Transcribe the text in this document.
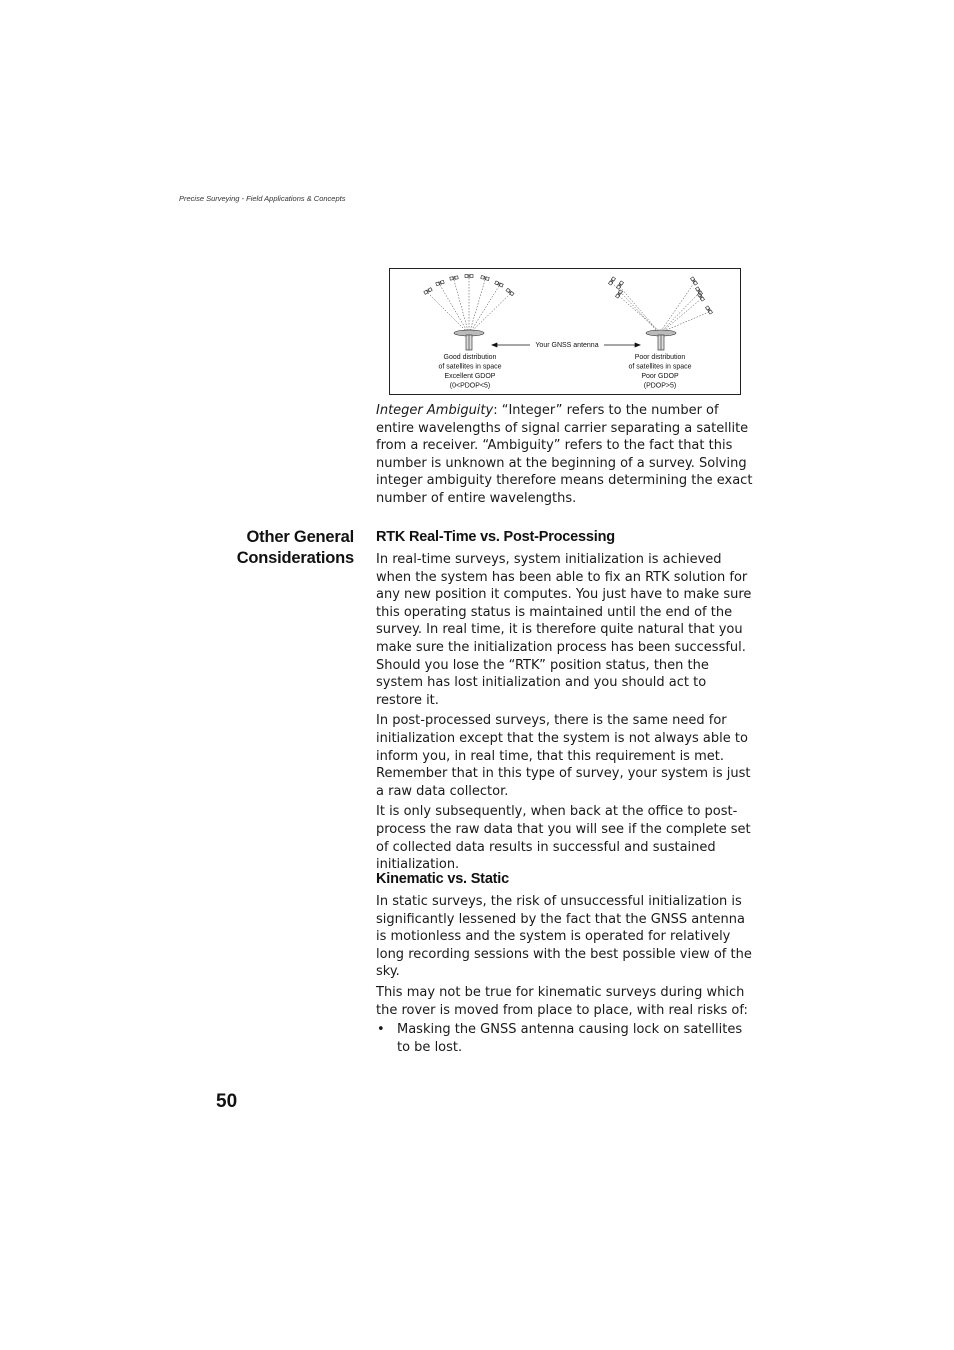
Precise Surveying - Field Applications & Concepts
Your GNSS antenna
Good distribution
of satellites in space
Excellent GDOP
(0<PDOP<5)
Poor distribution
of satellites in space
Poor GDOP
(PDOP>5)

Integer Ambiguity: “Integer” refers to the number of entire wavelengths of signal carrier separating a satellite from a receiver. “Ambiguity” refers to the fact that this number is unknown at the beginning of a survey. Solving integer ambiguity therefore means determining the exact number of entire wavelengths.

Other General
Considerations
RTK Real-Time vs. Post-Processing

In real-time surveys, system initialization is achieved when the system has been able to fix an RTK solution for any new position it computes. You just have to make sure this operating status is maintained until the end of the survey. In real time, it is therefore quite natural that you make sure the initialization process has been successful. Should you lose the “RTK” position status, then the system has lost initialization and you should act to restore it.

In post-processed surveys, there is the same need for initialization except that the system is not always able to inform you, in real time, that this requirement is met. Remember that in this type of survey, your system is just a raw data collector.

It is only subsequently, when back at the office to post-process the raw data that you will see if the complete set of collected data results in successful and sustained initialization.

Kinematic vs. Static

In static surveys, the risk of unsuccessful initialization is significantly lessened by the fact that the GNSS antenna is motionless and the system is operated for relatively long recording sessions with the best possible view of the sky.

This may not be true for kinematic surveys during which the rover is moved from place to place, with real risks of:

• Masking the GNSS antenna causing lock on satellites to be lost.
50
